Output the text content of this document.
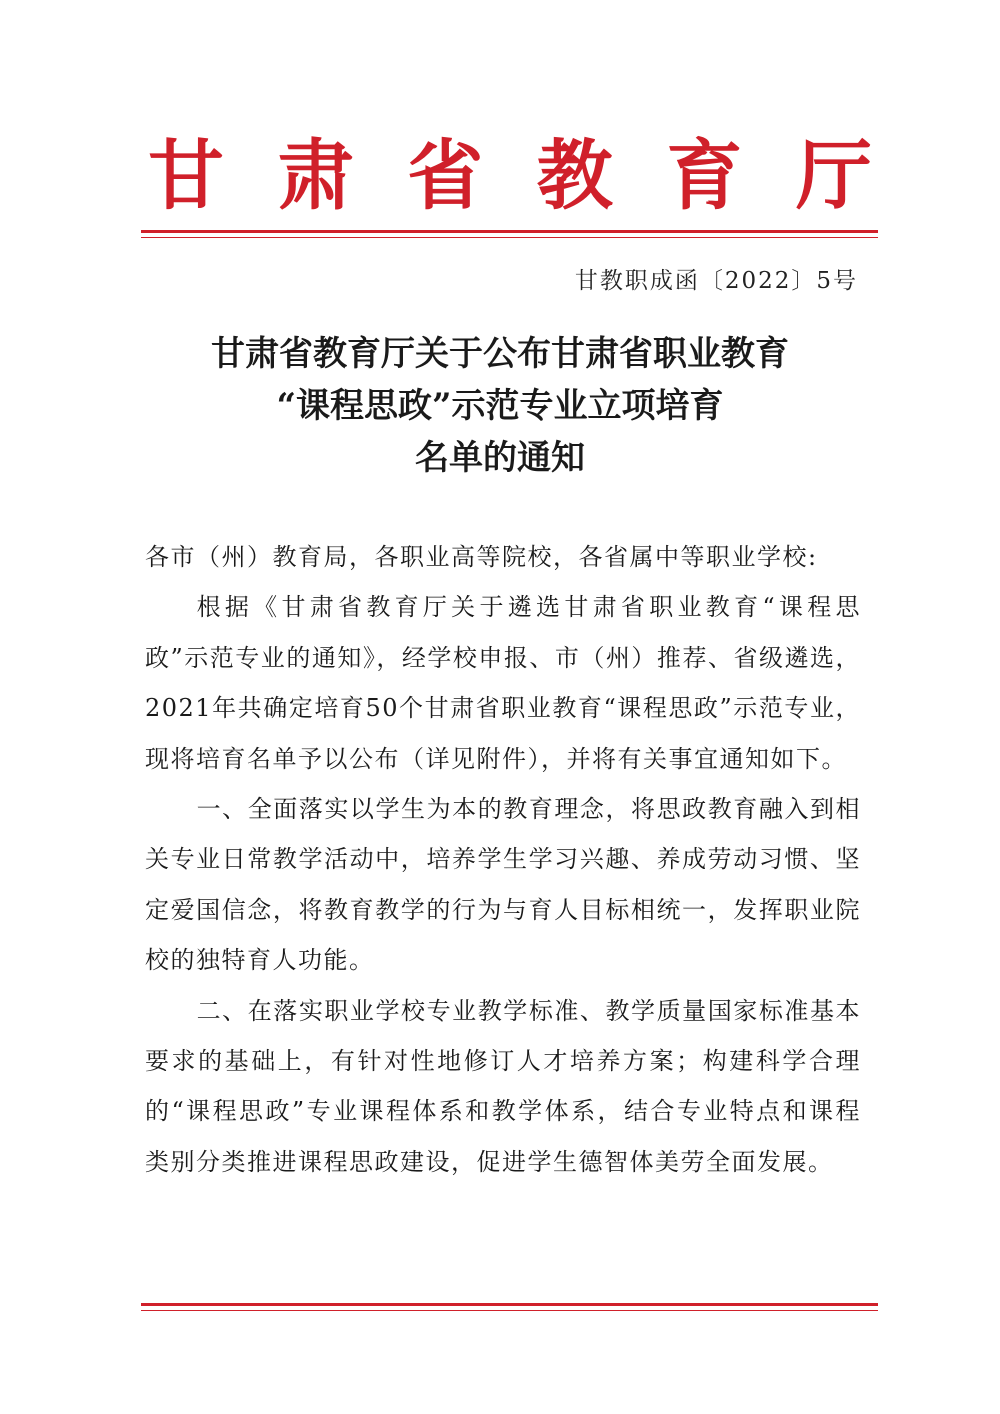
甘 肃 省 教 育 厅
甘教职成函〔2022〕5号
甘肃省教育厅关于公布甘肃省职业教育
“课程思政”示范专业立项培育
名单的通知

各市（州）教育局，各职业高等院校，各省属中等职业学校:

根据《甘肃省教育厅关于遴选甘肃省职业教育“课程思政”示范专业的通知》，经学校申报、市（州）推荐、省级遴选，2021年共确定培育50个甘肃省职业教育“课程思政”示范专业，现将培育名单予以公布（详见附件），并将有关事宜通知如下。

一、全面落实以学生为本的教育理念，将思政教育融入到相关专业日常教学活动中，培养学生学习兴趣、养成劳动习惯、坚定爱国信念，将教育教学的行为与育人目标相统一，发挥职业院校的独特育人功能。

二、在落实职业学校专业教学标准、教学质量国家标准基本要求的基础上，有针对性地修订人才培养方案；构建科学合理的“课程思政”专业课程体系和教学体系，结合专业特点和课程类别分类推进课程思政建设，促进学生德智体美劳全面发展。
